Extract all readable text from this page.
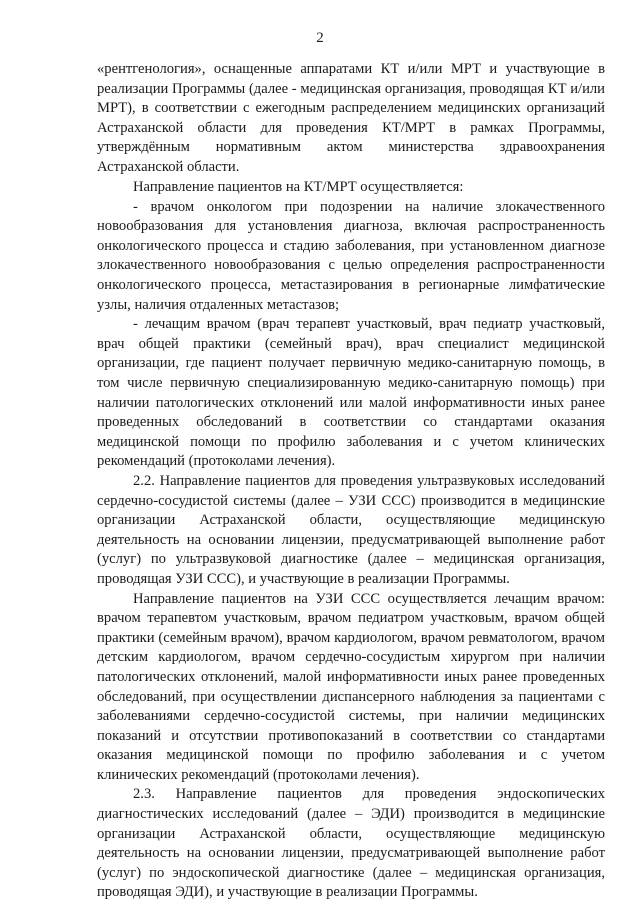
2

«рентгенология», оснащенные аппаратами КТ и/или МРТ и участвующие в реализации Программы (далее - медицинская организация, проводящая КТ и/или МРТ), в соответствии с ежегодным распределением медицинских организаций Астраханской области для проведения КТ/МРТ в рамках Программы, утверждённым нормативным актом министерства здравоохранения Астраханской области.

Направление пациентов на КТ/МРТ осуществляется:

- врачом онкологом при подозрении на наличие злокачественного новообразования для установления диагноза, включая распространенность онкологического процесса и стадию заболевания, при установленном диагнозе злокачественного новообразования с целью определения распространенности онкологического процесса, метастазирования в регионарные лимфатические узлы, наличия отдаленных метастазов;

- лечащим врачом (врач терапевт участковый, врач педиатр участковый, врач общей практики (семейный врач), врач специалист медицинской организации, где пациент получает первичную медико-санитарную помощь, в том числе первичную специализированную медико-санитарную помощь) при наличии патологических отклонений или малой информативности иных ранее проведенных обследований в соответствии со стандартами оказания медицинской помощи по профилю заболевания и с учетом клинических рекомендаций (протоколами лечения).

2.2. Направление пациентов для проведения ультразвуковых исследований сердечно-сосудистой системы (далее – УЗИ ССС) производится в медицинские организации Астраханской области, осуществляющие медицинскую деятельность на основании лицензии, предусматривающей выполнение работ (услуг) по ультразвуковой диагностике (далее – медицинская организация, проводящая УЗИ ССС), и участвующие в реализации Программы.

Направление пациентов на УЗИ ССС осуществляется лечащим врачом: врачом терапевтом участковым, врачом педиатром участковым, врачом общей практики (семейным врачом), врачом кардиологом, врачом ревматологом, врачом детским кардиологом, врачом сердечно-сосудистым хирургом при наличии патологических отклонений, малой информативности иных ранее проведенных обследований, при осуществлении диспансерного наблюдения за пациентами с заболеваниями сердечно-сосудистой системы, при наличии медицинских показаний и отсутствии противопоказаний в соответствии со стандартами оказания медицинской помощи по профилю заболевания и с учетом клинических рекомендаций (протоколами лечения).

2.3. Направление пациентов для проведения эндоскопических диагностических исследований (далее – ЭДИ) производится в медицинские организации Астраханской области, осуществляющие медицинскую деятельность на основании лицензии, предусматривающей выполнение работ (услуг) по эндоскопической диагностике (далее – медицинская организация, проводящая ЭДИ), и участвующие в реализации Программы.
